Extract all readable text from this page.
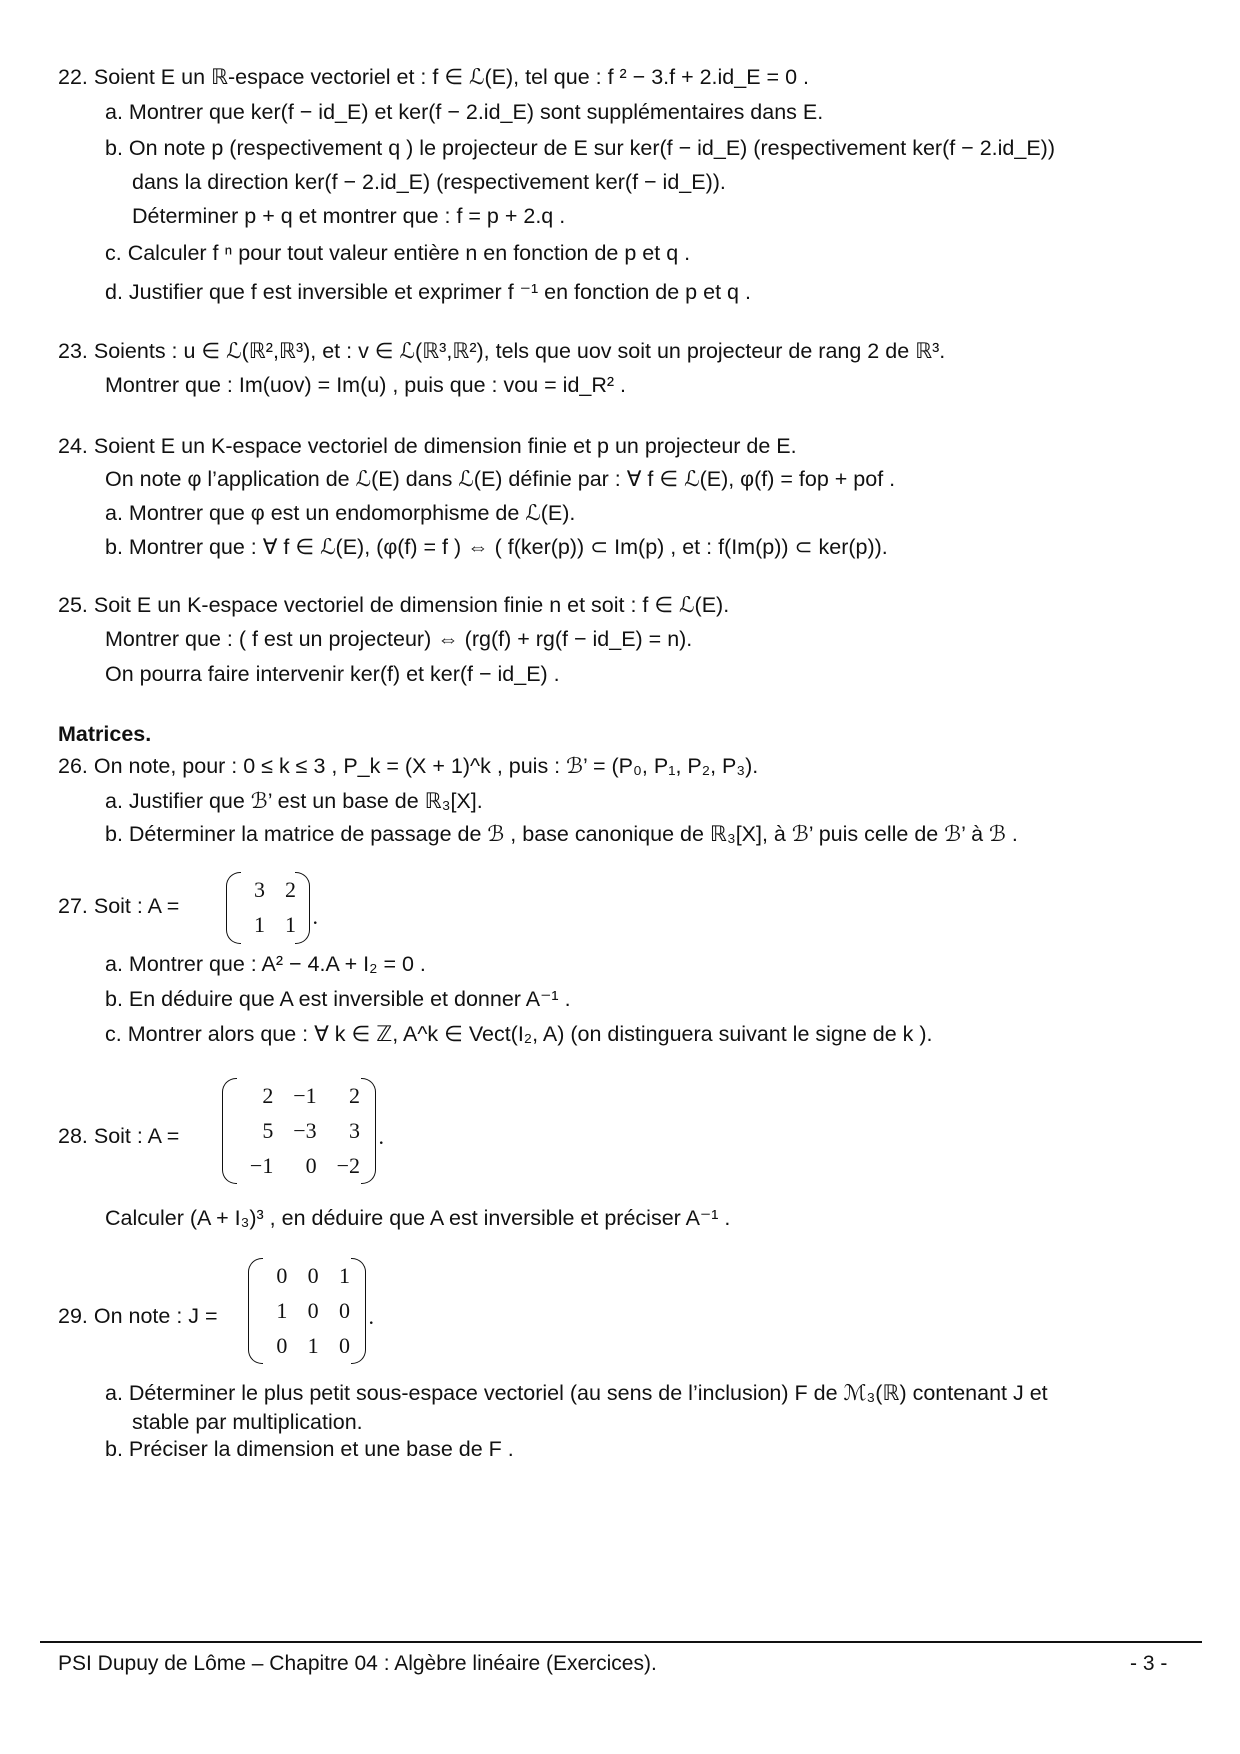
22. Soient E un ℝ-espace vectoriel et : f ∈ ℒ(E), tel que : f ² − 3.f + 2.id_E = 0 .
a. Montrer que ker(f − id_E) et ker(f − 2.id_E) sont supplémentaires dans E.
b. On note p (respectivement q ) le projecteur de E sur ker(f − id_E) (respectivement ker(f − 2.id_E))
dans la direction ker(f − 2.id_E) (respectivement ker(f − id_E)).
Déterminer p + q et montrer que : f = p + 2.q .
c. Calculer f ⁿ pour tout valeur entière n en fonction de p et q .
d. Justifier que f est inversible et exprimer f ⁻¹ en fonction de p et q .
23. Soients : u ∈ ℒ(ℝ²,ℝ³), et : v ∈ ℒ(ℝ³,ℝ²), tels que uov soit un projecteur de rang 2 de ℝ³.
Montrer que : Im(uov) = Im(u) , puis que : vou = id_R² .
24. Soient E un K-espace vectoriel de dimension finie et p un projecteur de E.
On note φ l’application de ℒ(E) dans ℒ(E) définie par : ∀ f ∈ ℒ(E), φ(f) = fop + pof .
a. Montrer que φ est un endomorphisme de ℒ(E).
b. Montrer que : ∀ f ∈ ℒ(E), (φ(f) = f ) ⇔ ( f(ker(p)) ⊂ Im(p) , et : f(Im(p)) ⊂ ker(p)).
25. Soit E un K-espace vectoriel de dimension finie n et soit : f ∈ ℒ(E).
Montrer que : ( f est un projecteur) ⇔ (rg(f) + rg(f − id_E) = n).
On pourra faire intervenir ker(f) et ker(f − id_E) .
Matrices.
26. On note, pour : 0 ≤ k ≤ 3 , P_k = (X + 1)^k , puis : ℬ’ = (P₀, P₁, P₂, P₃).
a. Justifier que ℬ’ est un base de ℝ₃[X].
b. Déterminer la matrice de passage de ℬ , base canonique de ℝ₃[X], à ℬ’ puis celle de ℬ’ à ℬ .
27. Soit : A =
a. Montrer que : A² − 4.A + I₂ = 0 .
b. En déduire que A est inversible et donner A⁻¹ .
c. Montrer alors que : ∀ k ∈ ℤ, A^k ∈ Vect(I₂, A) (on distinguera suivant le signe de k ).
28. Soit : A =
Calculer (A + I₃)³ , en déduire que A est inversible et préciser A⁻¹ .
29. On note : J =
a. Déterminer le plus petit sous-espace vectoriel (au sens de l’inclusion) F de ℳ₃(ℝ) contenant J et
stable par multiplication.
b. Préciser la dimension et une base de F .
3	2
1	1 .
2	−1	2
5	−3	3
−1	0	−2
.
0	0	1
1	0	0
0	1	0
.
PSI Dupuy de Lôme – Chapitre 04 : Algèbre linéaire (Exercices).	- 3 -
